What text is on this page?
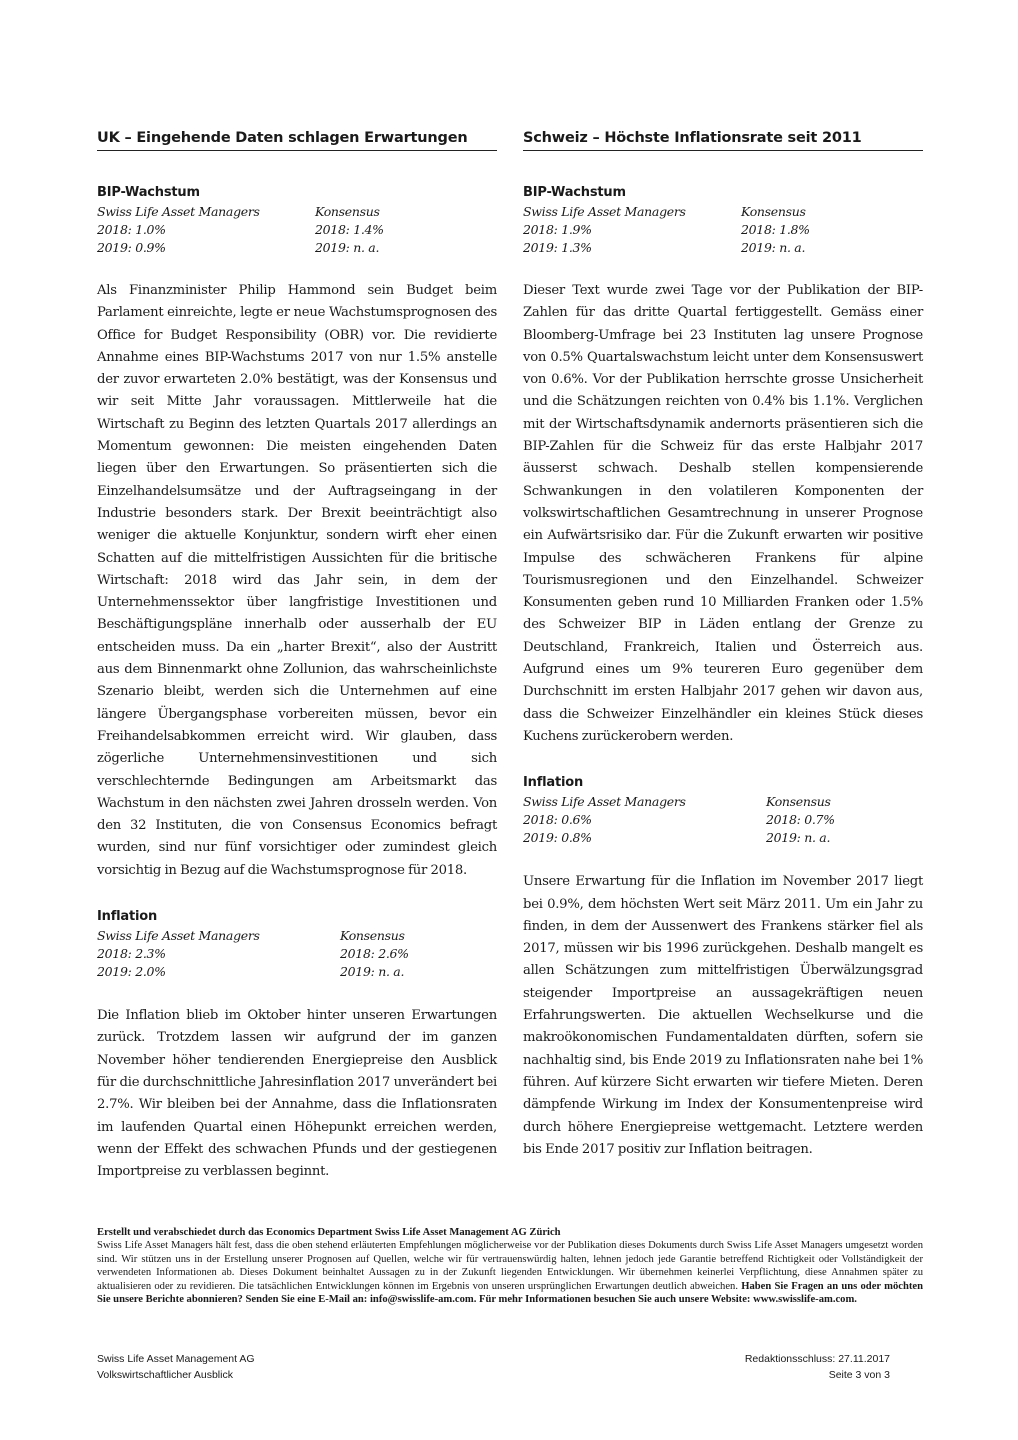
UK – Eingehende Daten schlagen Erwartungen

BIP-Wachstum

Swiss Life Asset Managers	Konsensus
2018: 1.0%	2018: 1.4%
2019: 0.9%	2019: n. a.

Als Finanzminister Philip Hammond sein Budget beim Parlament einreichte, legte er neue Wachstumsprognosen des Office for Budget Responsibility (OBR) vor. Die revidierte Annahme eines BIP-Wachstums 2017 von nur 1.5% anstelle der zuvor erwarteten 2.0% bestätigt, was der Konsensus und wir seit Mitte Jahr voraussagen. Mittlerweile hat die Wirtschaft zu Beginn des letzten Quartals 2017 allerdings an Momentum gewonnen: Die meisten eingehenden Daten liegen über den Erwartungen. So präsentierten sich die Einzelhandelsumsätze und der Auftragseingang in der Industrie besonders stark. Der Brexit beeinträchtigt also weniger die aktuelle Konjunktur, sondern wirft eher einen Schatten auf die mittelfristigen Aussichten für die britische Wirtschaft: 2018 wird das Jahr sein, in dem der Unternehmenssektor über langfristige Investitionen und Beschäftigungspläne innerhalb oder ausserhalb der EU entscheiden muss. Da ein „harter Brexit“, also der Austritt aus dem Binnenmarkt ohne Zollunion, das wahrscheinlichste Szenario bleibt, werden sich die Unternehmen auf eine längere Übergangsphase vorbereiten müssen, bevor ein Freihandelsabkommen erreicht wird. Wir glauben, dass zögerliche Unternehmensinvestitionen und sich verschlechternde Bedingungen am Arbeitsmarkt das Wachstum in den nächsten zwei Jahren drosseln werden. Von den 32 Instituten, die von Consensus Economics befragt wurden, sind nur fünf vorsichtiger oder zumindest gleich vorsichtig in Bezug auf die Wachstumsprognose für 2018.

Inflation

Swiss Life Asset Managers	Konsensus
2018: 2.3%	2018: 2.6%
2019: 2.0%	2019: n. a.

Die Inflation blieb im Oktober hinter unseren Erwartungen zurück. Trotzdem lassen wir aufgrund der im ganzen November höher tendierenden Energiepreise den Ausblick für die durchschnittliche Jahresinflation 2017 unverändert bei 2.7%. Wir bleiben bei der Annahme, dass die Inflationsraten im laufenden Quartal einen Höhepunkt erreichen werden, wenn der Effekt des schwachen Pfunds und der gestiegenen Importpreise zu verblassen beginnt.

Schweiz – Höchste Inflationsrate seit 2011

BIP-Wachstum

Swiss Life Asset Managers	Konsensus
2018: 1.9%	2018: 1.8%
2019: 1.3%	2019: n. a.

Dieser Text wurde zwei Tage vor der Publikation der BIP-Zahlen für das dritte Quartal fertiggestellt. Gemäss einer Bloomberg-Umfrage bei 23 Instituten lag unsere Prognose von 0.5% Quartalswachstum leicht unter dem Konsensuswert von 0.6%. Vor der Publikation herrschte grosse Unsicherheit und die Schätzungen reichten von 0.4% bis 1.1%. Verglichen mit der Wirtschaftsdynamik andernorts präsentieren sich die BIP-Zahlen für die Schweiz für das erste Halbjahr 2017 äusserst schwach. Deshalb stellen kompensierende Schwankungen in den volatileren Komponenten der volkswirtschaftlichen Gesamtrechnung in unserer Prognose ein Aufwärtsrisiko dar. Für die Zukunft erwarten wir positive Impulse des schwächeren Frankens für alpine Tourismusregionen und den Einzelhandel. Schweizer Konsumenten geben rund 10 Milliarden Franken oder 1.5% des Schweizer BIP in Läden entlang der Grenze zu Deutschland, Frankreich, Italien und Österreich aus. Aufgrund eines um 9% teureren Euro gegenüber dem Durchschnitt im ersten Halbjahr 2017 gehen wir davon aus, dass die Schweizer Einzelhändler ein kleines Stück dieses Kuchens zurückerobern werden.

Inflation

Swiss Life Asset Managers	Konsensus
2018: 0.6%	2018: 0.7%
2019: 0.8%	2019: n. a.

Unsere Erwartung für die Inflation im November 2017 liegt bei 0.9%, dem höchsten Wert seit März 2011. Um ein Jahr zu finden, in dem der Aussenwert des Frankens stärker fiel als 2017, müssen wir bis 1996 zurückgehen. Deshalb mangelt es allen Schätzungen zum mittelfristigen Überwälzungsgrad steigender Importpreise an aussagekräftigen neuen Erfahrungswerten. Die aktuellen Wechselkurse und die makroökonomischen Fundamentaldaten dürften, sofern sie nachhaltig sind, bis Ende 2019 zu Inflationsraten nahe bei 1% führen. Auf kürzere Sicht erwarten wir tiefere Mieten. Deren dämpfende Wirkung im Index der Konsumentenpreise wird durch höhere Energiepreise wettgemacht. Letztere werden bis Ende 2017 positiv zur Inflation beitragen.

Erstellt und verabschiedet durch das Economics Department Swiss Life Asset Management AG Zürich
Swiss Life Asset Managers hält fest, dass die oben stehend erläuterten Empfehlungen möglicherweise vor der Publikation dieses Dokuments durch Swiss Life Asset Managers umgesetzt worden sind. Wir stützen uns in der Erstellung unserer Prognosen auf Quellen, welche wir für vertrauenswürdig halten, lehnen jedoch jede Garantie betreffend Richtigkeit oder Vollständigkeit der verwendeten Informationen ab. Dieses Dokument beinhaltet Aussagen zu in der Zukunft liegenden Entwicklungen. Wir übernehmen keinerlei Verpflichtung, diese Annahmen später zu aktualisieren oder zu revidieren. Die tatsächlichen Entwicklungen können im Ergebnis von unseren ursprünglichen Erwartungen deutlich abweichen. Haben Sie Fragen an uns oder möchten Sie unsere Berichte abonnieren? Senden Sie eine E-Mail an: info@swisslife-am.com. Für mehr Informationen besuchen Sie auch unsere Website: www.swisslife-am.com.
Swiss Life Asset Management AG
Volkswirtschaftlicher Ausblick
Redaktionsschluss: 27.11.2017
Seite 3 von 3
